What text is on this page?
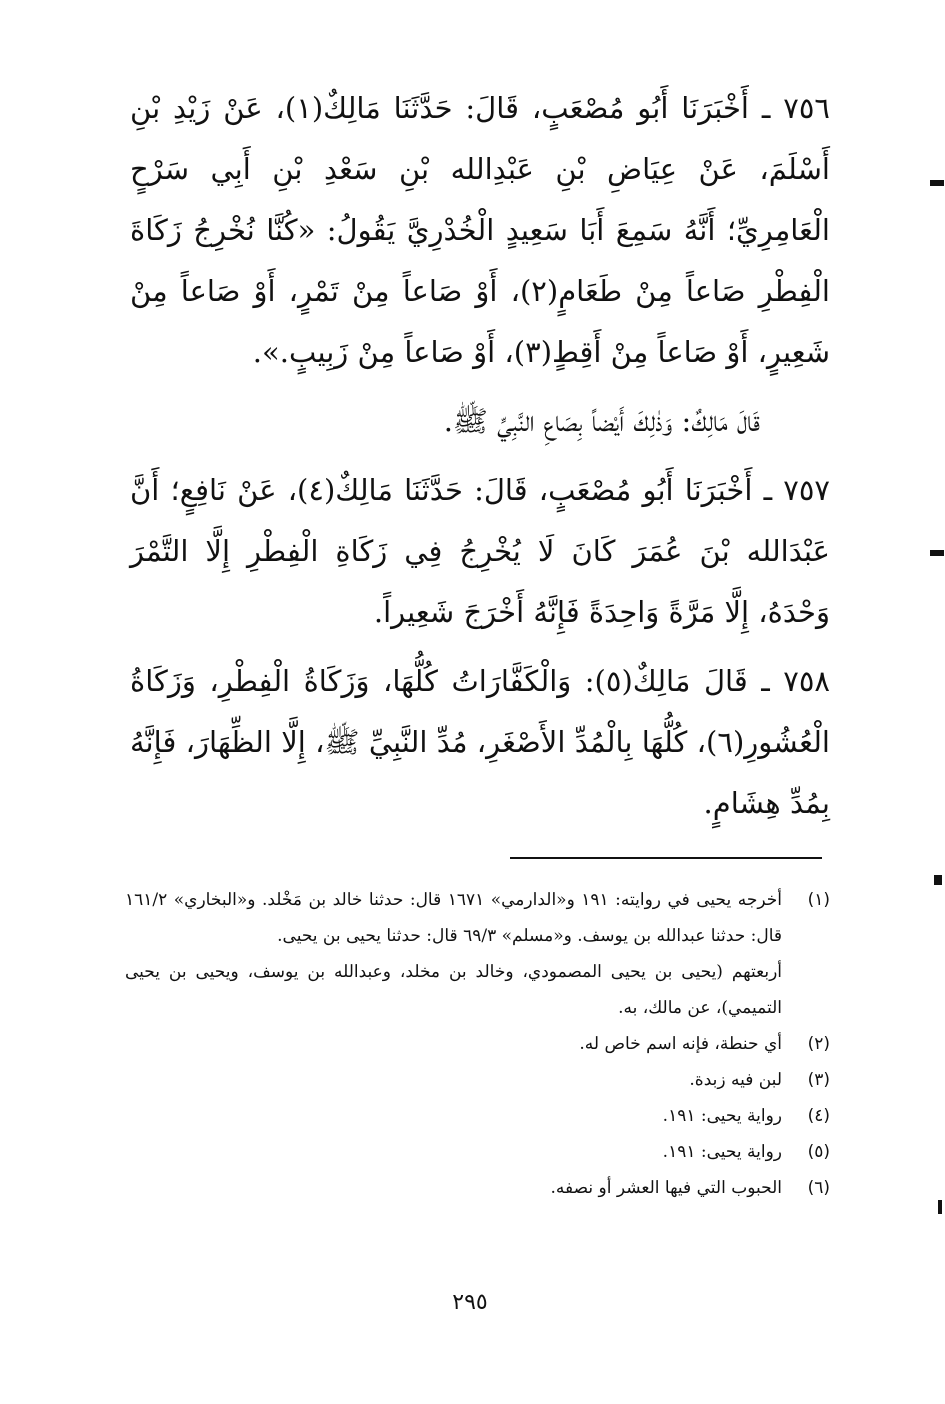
٧٥٦ ـ أَخْبَرَنَا أَبُو مُصْعَبٍ، قَالَ: حَدَّثَنَا مَالِكٌ(١)، عَنْ زَيْدِ بْنِ أَسْلَمَ، عَنْ عِيَاضِ بْنِ عَبْدِالله بْنِ سَعْدِ بْنِ أَبِي سَرْحٍ الْعَامِرِيِّ؛ أَنَّهُ سَمِعَ أَبَا سَعِيدٍ الْخُدْرِيَّ يَقُولُ: «كُنَّا نُخْرِجُ زَكَاةَ الْفِطْرِ صَاعاً مِنْ طَعَامٍ(٢)، أَوْ صَاعاً مِنْ تَمْرٍ، أَوْ صَاعاً مِنْ شَعِيرٍ، أَوْ صَاعاً مِنْ أَقِطٍ(٣)، أَوْ صَاعاً مِنْ زَبِيبٍ.».

قَالَ مَالِكٌ: وَذٰلِكَ أَيْضاً بِصَاعِ النَّبِيِّ ﷺ.

٧٥٧ ـ أَخْبَرَنَا أَبُو مُصْعَبٍ، قَالَ: حَدَّثَنَا مَالِكٌ(٤)، عَنْ نَافِعٍ؛ أَنَّ عَبْدَالله بْنَ عُمَرَ كَانَ لَا يُخْرِجُ فِي زَكَاةِ الْفِطْرِ إِلَّا التَّمْرَ وَحْدَهُ، إِلَّا مَرَّةً وَاحِدَةً فَإِنَّهُ أَخْرَجَ شَعِيراً.

٧٥٨ ـ قَالَ مَالِكٌ(٥): وَالْكَفَّارَاتُ كُلُّهَا، وَزَكَاةُ الْفِطْرِ، وَزَكَاةُ الْعُشُورِ(٦)، كُلُّهَا بِالْمُدِّ الأَصْغَرِ، مُدِّ النَّبِيِّ ﷺ، إِلَّا الظِّهَارَ، فَإِنَّهُ بِمُدِّ هِشَامٍ.

(١)
أخرجه يحيى في روايته: ١٩١ و«الدارمي» ١٦٧١ قال: حدثنا خالد بن مَخْلد. و«البخاري» ١٦١/٢ قال: حدثنا عبدالله بن يوسف. و«مسلم» ٦٩/٣ قال: حدثنا يحيى بن يحيى.
أربعتهم (يحيى بن يحيى المصمودي، وخالد بن مخلد، وعبدالله بن يوسف، ويحيى بن يحيى التميمي)، عن مالك، به.
(٢)
أي حنطة، فإنه اسم خاص له.
(٣)
لبن فيه زبدة.
(٤)
رواية يحيى: ١٩١.
(٥)
رواية يحيى: ١٩١.
(٦)
الحبوب التي فيها العشر أو نصفه.
٢٩٥
